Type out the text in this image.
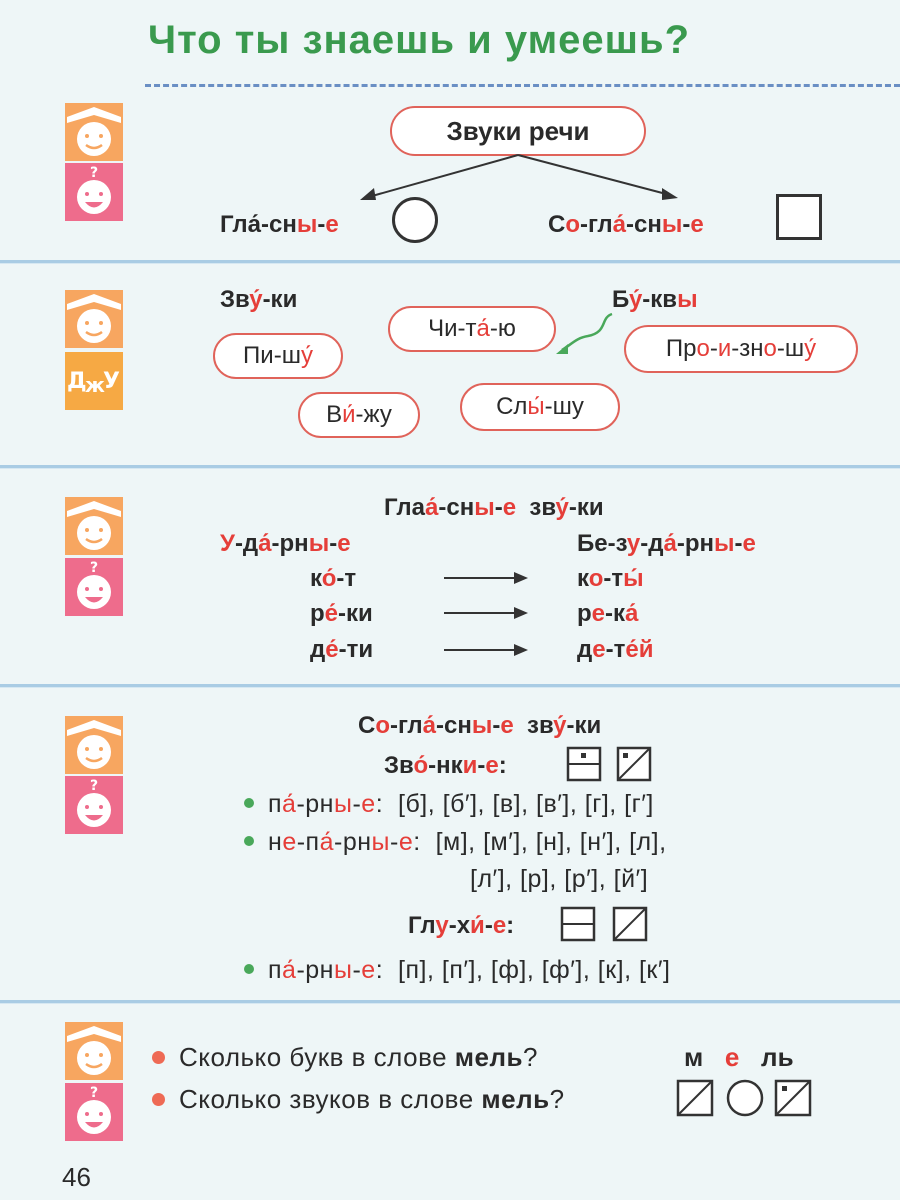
Что ты знаешь и умеешь?
?
Д
ж
У
?
?
?
Звуки речи
Гла-сны-е	Со-гла́-сны-е
Зву́-ки	Бу́-квы
Пи-ш у́
Чи-т а́ -ю
Пр о - и -зн о -ш у́
В и́ -жу	Сл ы́ -шу
Глаа́-сны-е  зву́-ки
У-да́-рны-е	Бе-зу-да́-рны-е
ко́-т	ко-ты́
ре́-ки	ре-ка́
де́-ти	де-те́й
Со-гла́-сны-е  зву́-ки
Зво́-нки-е:
па́-рны-е:  [б], [б′], [в], [в′], [г], [г′]
не-па́-рны-е:  [м], [м′], [н], [н′], [л],
[л′], [р], [р′], [й′]
Глу-хи́-е:
па́-рны-е:  [п], [п′], [ф], [ф′], [к], [к′]
Сколько букв в слове мель?	м е ль
Сколько звуков в слове мель?
46
